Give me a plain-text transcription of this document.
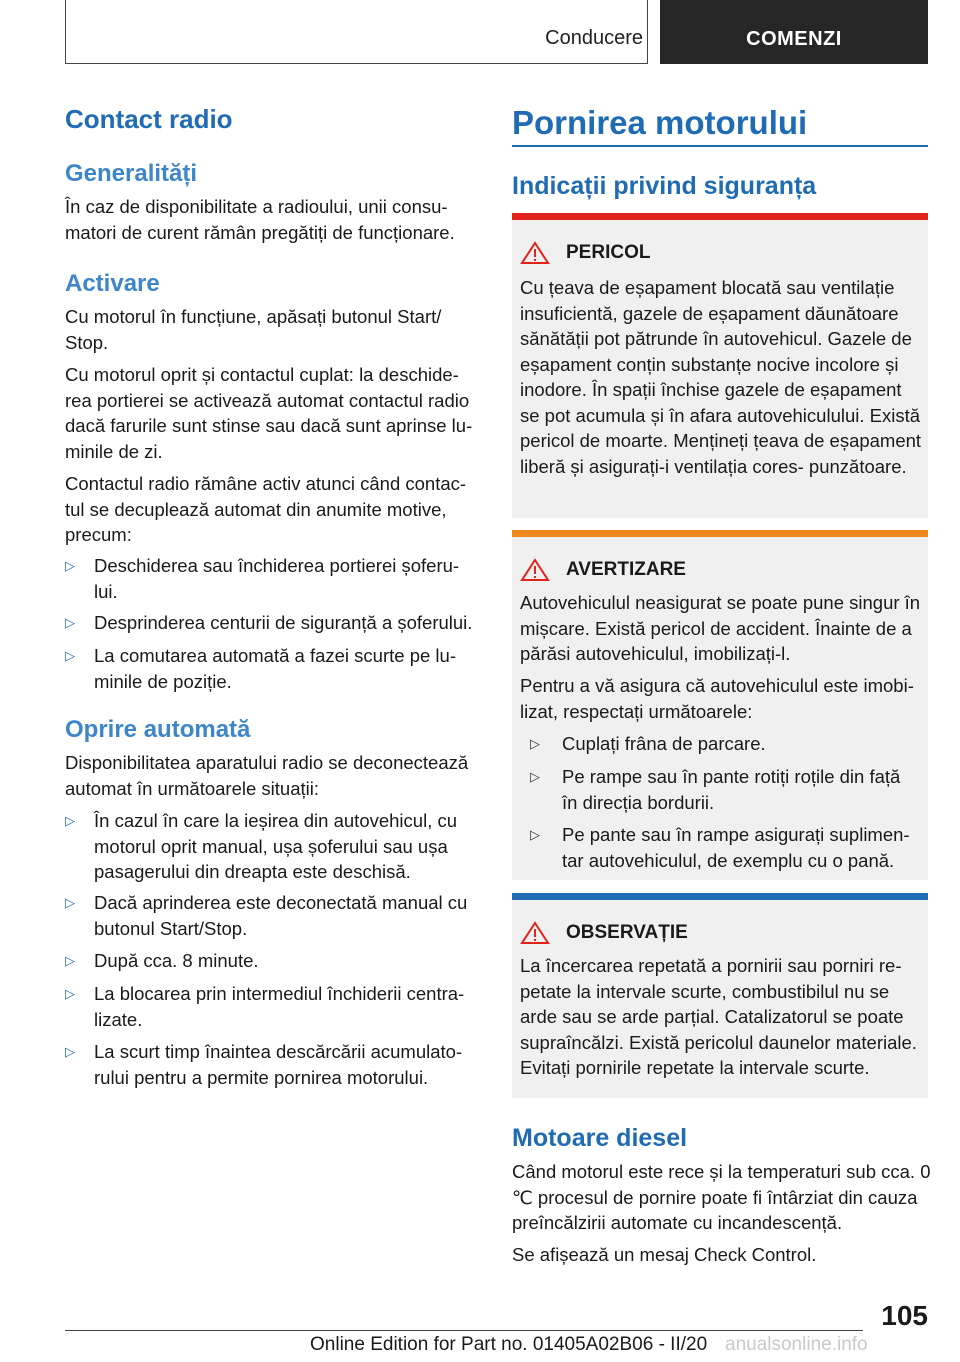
Conducere	COMENZI
Contact radio
Generalități

În caz de disponibilitate a radioului, unii consu‐ matori de curent rămân pregătiți de funcționare.

Activare

Cu motorul în funcțiune, apăsați butonul Start/ Stop.

Cu motorul oprit și contactul cuplat: la deschide‐ rea portierei se activează automat contactul radio dacă farurile sunt stinse sau dacă sunt aprinse lu‐ minile de zi.

Contactul radio rămâne activ atunci când contac‐ tul se decuplează automat din anumite motive, precum:

▷ Deschiderea sau închiderea portierei șoferu‐ lui.
▷ Desprinderea centurii de siguranță a șoferului.
▷ La comutarea automată a fazei scurte pe lu‐ minile de poziție.
Oprire automată

Disponibilitatea aparatului radio se deconectează automat în următoarele situații:

▷ În cazul în care la ieșirea din autovehicul, cu motorul oprit manual, ușa șoferului sau ușa pasagerului din dreapta este deschisă.
▷ Dacă aprinderea este deconectată manual cu butonul Start/Stop.
▷ După cca. 8 minute.
▷ La blocarea prin intermediul închiderii centra‐ lizate.
▷ La scurt timp înaintea descărcării acumulato‐ rului pentru a permite pornirea motorului.
Pornirea motorului
Indicații privind siguranța
PERICOL

Cu țeava de eșapament blocată sau ventilație insuficientă, gazele de eșapament dăunătoare sănătății pot pătrunde în autovehicul. Gazele de eșapament conțin substanțe nocive incolore și inodore. În spații închise gazele de eșapament se pot acumula și în afara autovehiculului. Există pericol de moarte. Mențineți țeava de eșapament liberă și asigurați-i ventilația cores‐ punzătoare.

AVERTIZARE

Autovehiculul neasigurat se poate pune singur în mișcare. Există pericol de accident. Înainte de a părăsi autovehiculul, imobilizați-l.

Pentru a vă asigura că autovehiculul este imobi‐ lizat, respectați următoarele:

▷ Cuplați frâna de parcare.
▷ Pe rampe sau în pante rotiți roțile din față în direcția bordurii.
▷ Pe pante sau în rampe asigurați suplimen‐ tar autovehiculul, de exemplu cu o pană.
OBSERVAȚIE

La încercarea repetată a pornirii sau porniri re‐ petate la intervale scurte, combustibilul nu se arde sau se arde parțial. Catalizatorul se poate supraîncălzi. Există pericolul daunelor materiale. Evitați pornirile repetate la intervale scurte.

Motoare diesel

Când motorul este rece și la temperaturi sub cca. 0 ℃ procesul de pornire poate fi întârziat din cauza preîncălzirii automate cu incandescență.

Se afișează un mesaj Check Control.

105
Online Edition for Part no. 01405A02B06 - II/20 anualsonline.info
